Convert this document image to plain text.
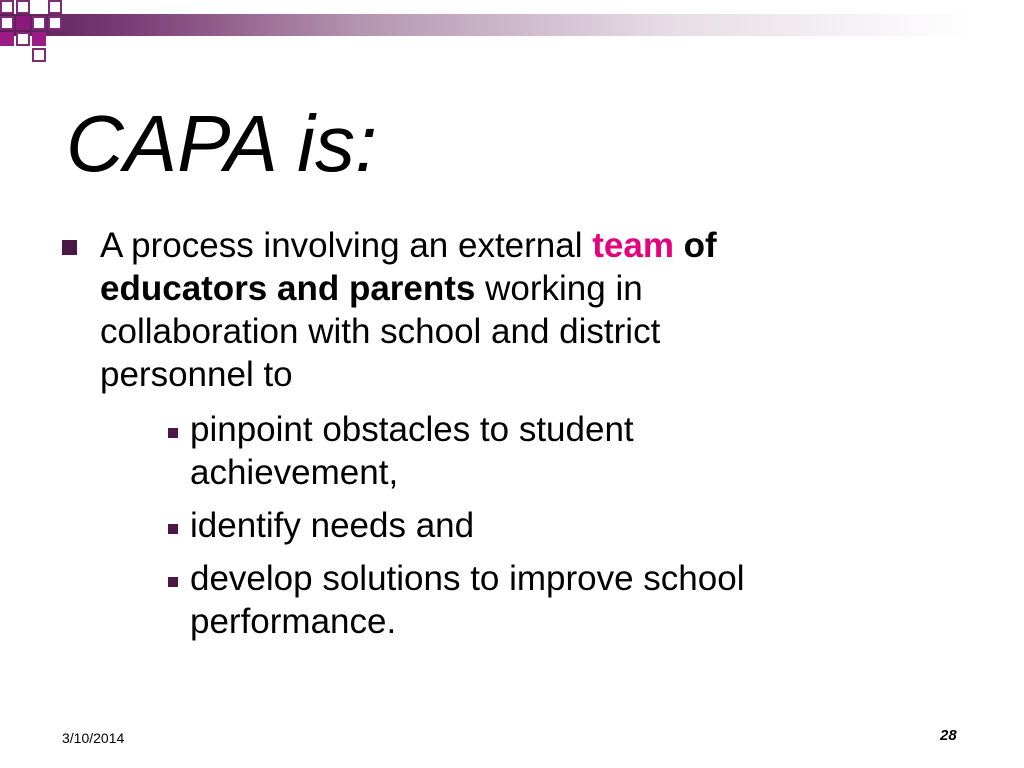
CAPA is:
A process involving an external team of educators and parents working in collaboration with school and district personnel to
pinpoint obstacles to student achievement,
identify needs and
develop solutions to improve school performance.
3/10/2014	28
